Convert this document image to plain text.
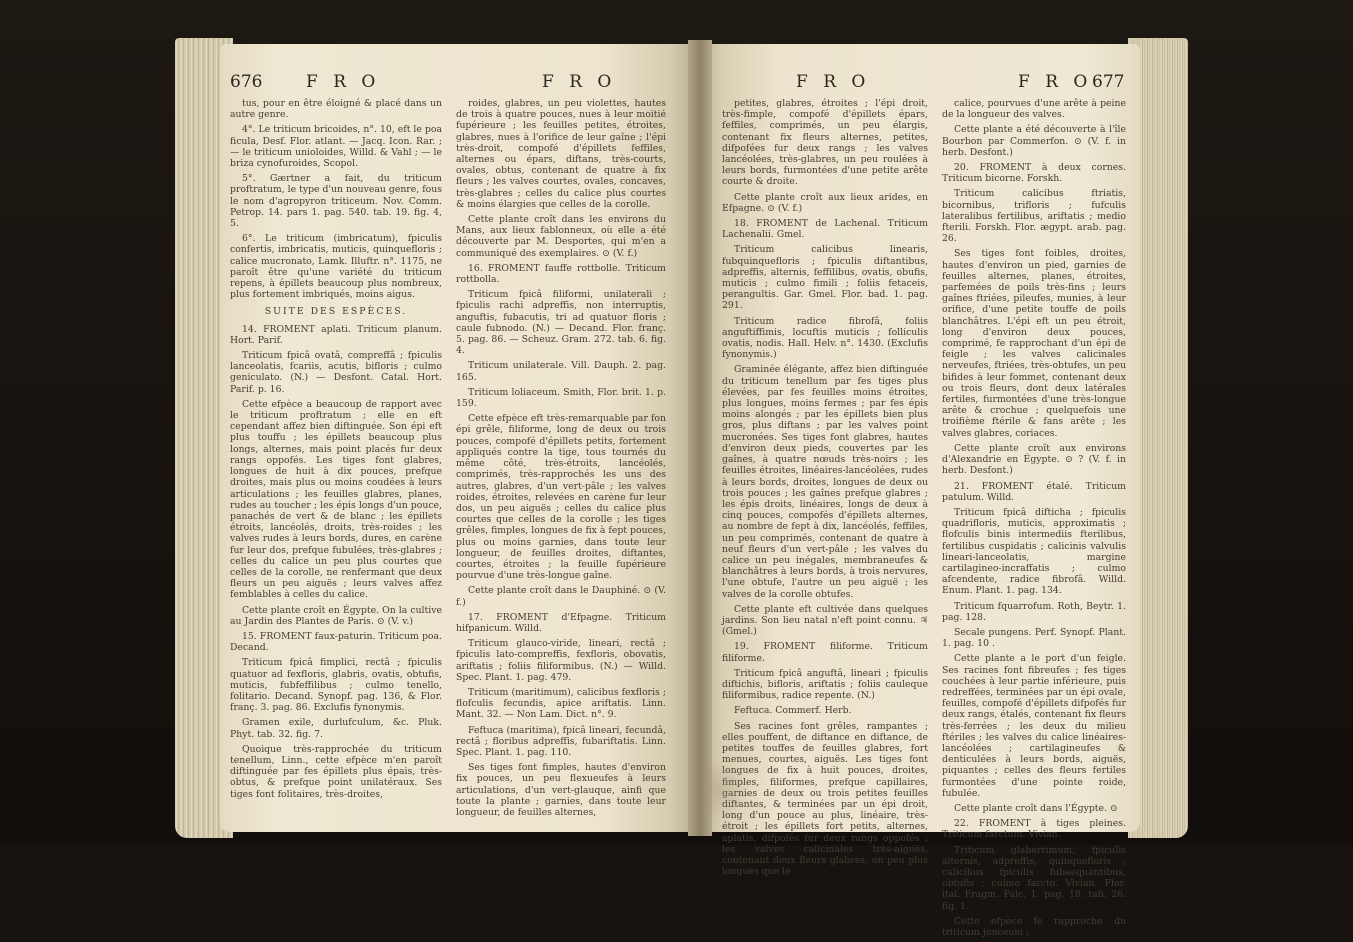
676	F R O	F R O

tus, pour en être éloigné & placé dans un autre genre.

4°. Le triticum bricoides, n°. 10, eft le poa ficula, Desf. Flor. atlant. — Jacq. Icon. Rar. ; — le triticum unioloides, Willd. & Vahl ; — le briza cynofuroides, Scopol.

5°. Gærtner a fait, du triticum proftratum, le type d'un nouveau genre, fous le nom d'agropyron triticeum. Nov. Comm. Petrop. 14. pars 1. pag. 540. tab. 19. fig. 4, 5.

6°. Le triticum (imbricatum), fpiculis confertis, imbricatis, muticis, quinquefloris ; calice mucronato, Lamk. Illuftr. n°. 1175, ne paroît être qu'une variété du triticum repens, à épillets beaucoup plus nombreux, plus fortement imbriqués, moins aigus.

SUITE DES ESPÈCES.

14. FROMENT aplati. Triticum planum. Hort. Parif.

Triticum fpicâ ovatâ, compreffâ ; fpiculis lanceolatis, fcariis, acutis, bifloris ; culmo geniculato. (N.) — Desfont. Catal. Hort. Parif. p. 16.

Cette efpèce a beaucoup de rapport avec le triticum proftratum ; elle en eft cependant affez bien diftinguée. Son épi eft plus touffu ; les épillets beaucoup plus longs, alternes, mais point placés fur deux rangs oppofés. Les tiges font glabres, longues de huit à dix pouces, prefque droites, mais plus ou moins coudées à leurs articulations ; les feuilles glabres, planes, rudes au toucher ; les épis longs d'un pouce, panachés de vert & de blanc ; les épillets étroits, lancéolés, droits, très-roides ; les valves rudes à leurs bords, dures, en carène fur leur dos, prefque fubulées, très-glabres ; celles du calice un peu plus courtes que celles de la corolle, ne renfermant que deux fleurs un peu aiguës ; leurs valves affez femblables à celles du calice.

Cette plante croît en Égypte. On la cultive au Jardin des Plantes de Paris. ⊙ (V. v.)

15. FROMENT faux-paturin. Triticum poa. Decand.

Triticum fpicâ fimplici, rectâ ; fpiculis quatuor ad fexfloris, glabris, ovatis, obtufis, muticis, fubfeffilibus ; culmo tenello, folitario. Decand. Synopf. pag. 136, & Flor. franç. 3. pag. 86. Exclufis fynonymis.

Gramen exile, durlufculum, &c. Pluk. Phyt. tab. 32. fig. 7.

Quoique très-rapprochée du triticum tenellum, Linn., cette efpèce m'en paroît diftinguée par fes épillets plus épais, très-obtus, & prefque point unilatéraux. Ses tiges font folitaires, très-droites,

roides, glabres, un peu violettes, hautes de trois à quatre pouces, nues à leur moitié fupérieure ; les feuilles petites, étroites, glabres, nues à l'orifice de leur gaîne ; l'épi très-droit, compofé d'épillets feffiles, alternes ou épars, diftans, très-courts, ovales, obtus, contenant de quatre à fix fleurs ; les valves courtes, ovales, concaves, très-glabres ; celles du calice plus courtes & moins élargies que celles de la corolle.

Cette plante croît dans les environs du Mans, aux lieux fablonneux, où elle a été découverte par M. Desportes, qui m'en a communiqué des exemplaires. ⊙ (V. f.)

16. FROMENT fauffe rottbolle. Triticum rottbolla.

Triticum fpicâ filiformi, unilaterali ; fpiculis rachi adpreffis, non interruptis, anguftis, fubacutis, tri ad quatuor floris ; caule fubnodo. (N.) — Decand. Flor. franç. 5. pag. 86. — Scheuz. Gram. 272. tab. 6. fig. 4.

Triticum unilaterale. Vill. Dauph. 2. pag. 165.

Triticum loliaceum. Smith, Flor. brit. 1. p. 159.

Cette efpèce eft très-remarquable par fon épi grêle, filiforme, long de deux ou trois pouces, compofé d'épillets petits, fortement appliqués contre la tige, tous tournés du même côté, très-étroits, lancéolés, comprimés, très-rapprochés les uns des autres, glabres, d'un vert-pâle ; les valves roides, étroites, relevées en carène fur leur dos, un peu aiguës ; celles du calice plus courtes que celles de la corolle ; les tiges grêles, fimples, longues de fix à fept pouces, plus ou moins garnies, dans toute leur longueur, de feuilles droites, diftantes, courtes, étroites ; la feuille fupérieure pourvue d'une très-longue gaîne.

Cette plante croît dans le Dauphiné. ⊙ (V. f.)

17. FROMENT d'Efpagne. Triticum hifpanicum. Willd.

Triticum glauco-viride, lineari, rectâ ; fpiculis lato-compreffis, fexfloris, obovatis, ariftatis ; foliis filiformibus. (N.) — Willd. Spec. Plant. 1. pag. 479.

Triticum (maritimum), calicibus fexfloris ; flofculis fecundis, apice ariftatis. Linn. Mant. 32. — Non Lam. Dict. n°. 9.

Feftuca (maritima), fpicâ lineari, fecundâ, rectâ ; floribus adpreffis, fubariftatis. Linn. Spec. Plant. 1. pag. 110.

Ses tiges font fimples, hautes d'environ fix pouces, un peu flexueufes à leurs articulations, d'un vert-glauque, ainfi que toute la plante ; garnies, dans toute leur longueur, de feuilles alternes,

F R O	F R O 677

petites, glabres, étroites ; l'épi droit, très-fimple, compofé d'épillets épars, feffiles, comprimés, un peu élargis, contenant fix fleurs alternes, petites, difpofées fur deux rangs ; les valves lancéolées, très-glabres, un peu roulées à leurs bords, furmontées d'une petite arête courte & droite.

Cette plante croît aux lieux arides, en Efpagne. ⊙ (V. f.)

18. FROMENT de Lachenal. Triticum Lachenalii. Gmel.

Triticum calicibus linearis, fubquinquefloris ; fpiculis diftantibus, adpreffis, alternis, feffilibus, ovatis, obufis, muticis ; culmo fimili ; foliis fetaceis, perangultis. Gar. Gmel. Flor. bad. 1. pag. 291.

Triticum radice fibrofâ, foliis anguftiffimis, locuftis muticis ; folliculis ovatis, nodis. Hall. Helv. n°. 1430. (Exclufis fynonymis.)

Graminée élégante, affez bien diftinguée du triticum tenellum par fes tiges plus élevées, par fes feuilles moins étroites, plus longues, moins fermes ; par fes épis moins alongés ; par les épillets bien plus gros, plus diftans ; par les valves point mucronées. Ses tiges font glabres, hautes d'environ deux pieds, couvertes par les gaînes, à quatre nœuds très-noirs ; les feuilles étroites, linéaires-lancéolées, rudes à leurs bords, droites, longues de deux ou trois pouces ; les gaînes prefque glabres ; les épis droits, linéaires, longs de deux à cinq pouces, compofés d'épillets alternes, au nombre de fept à dix, lancéolés, feffiles, un peu comprimés, contenant de quatre à neuf fleurs d'un vert-pâle ; les valves du calice un peu inégales, membraneufes & blanchâtres à leurs bords, à trois nervures, l'une obtufe, l'autre un peu aiguë ; les valves de la corolle obtufes.

Cette plante eft cultivée dans quelques jardins. Son lieu natal n'eft point connu. ♃ (Gmel.)

19. FROMENT filiforme. Triticum filiforme.

Triticum fpicâ anguftâ, lineari ; fpiculis diftichis, bifloris, ariftatis ; foliis cauleque filiformibus, radice repente. (N.)

Feftuca. Commerf. Herb.

Ses racines font grêles, rampantes ; elles pouffent, de diftance en diftance, de petites touffes de feuilles glabres, fort menues, courtes, aiguës. Les tiges font longues de fix à huit pouces, droites, fimples, filiformes, prefque capillaires, garnies de deux ou trois petites feuilles diftantes, & terminées par un épi droit, long d'un pouce au plus, linéaire, très-étroit ; les épillets fort petits, alternes, aplatis, difpofés fur deux rangs oppofés ; les valves calicinales très-aiguës, contenant deux fleurs glabres, un peu plus longues que le

calice, pourvues d'une arête à peine de la longueur des valves.

Cette plante a été découverte à l'île Bourbon par Commerfon. ⊙ (V. f. in herb. Desfont.)

20. FROMENT à deux cornes. Triticum bicorne. Forskh.

Triticum calicibus ftriatis, bicornibus, trifloris ; fufculis lateralibus fertilibus, ariftatis ; medio fterili. Forskh. Flor. ægypt. arab. pag. 26.

Ses tiges font foibles, droites, hautes d'environ un pied, garnies de feuilles alternes, planes, étroites, parfemées de poils très-fins ; leurs gaînes ftriées, pileufes, munies, à leur orifice, d'une petite touffe de poils blanchâtres. L'épi eft un peu étroit, long d'environ deux pouces, comprimé, fe rapprochant d'un épi de feigle ; les valves calicinales nerveufes, ftriées, très-obtufes, un peu bifides à leur fommet, contenant deux ou trois fleurs, dont deux latérales fertiles, furmontées d'une très-longue arête & crochue ; quelquefois une troifième ftérile & fans arête ; les valves glabres, coriaces.

Cette plante croît aux environs d'Alexandrie en Égypte. ⊙ ? (V. f. in herb. Desfont.)

21. FROMENT étalé. Triticum patulum. Willd.

Triticum fpicâ difticha ; fpiculis quadrifloris, muticis, approximatis ; flofculis binis intermediis fterilibus, fertilibus cuspidatis ; calicinis valvulis lineari-lanceolatis, margine cartilagineo-incraffatis ; culmo afcendente, radice fibrofâ. Willd. Enum. Plant. 1. pag. 134.

Triticum fquarrofum. Roth, Beytr. 1. pag. 128.

Secale pungens. Perf. Synopf. Plant. 1. pag. 10 .

Cette plante a le port d'un feigle. Ses racines font fibreufes ; fes tiges couchées à leur partie inférieure, puis redreffées, terminées par un épi ovale, feuilles, compofé d'épillets difpofés fur deux rangs, étalés, contenant fix fleurs très-ferrées ; les deux du milieu ftériles ; les valves du calice linéaires-lancéolées ; cartilagineufes & denticulées à leurs bords, aiguës, piquantes ; celles des fleurs fertiles furmontées d'une pointe roide, fubulée.

Cette plante croît dans l'Égypte. ⊙

22. FROMENT à tiges pleines. Triticum farctum. Vivian.

Triticum glaberrimum, fpiculis alternis, adpreffis, quinquefloris ; calicibus fpiculis fubaequantibus, obtufis ; culmo farcto. Vivian. Flor. ital. Fragm. Falc. 1. pag. 18. tab. 26. fig. 1.

Cette efpèce fe rapproche du triticum junceum ;
